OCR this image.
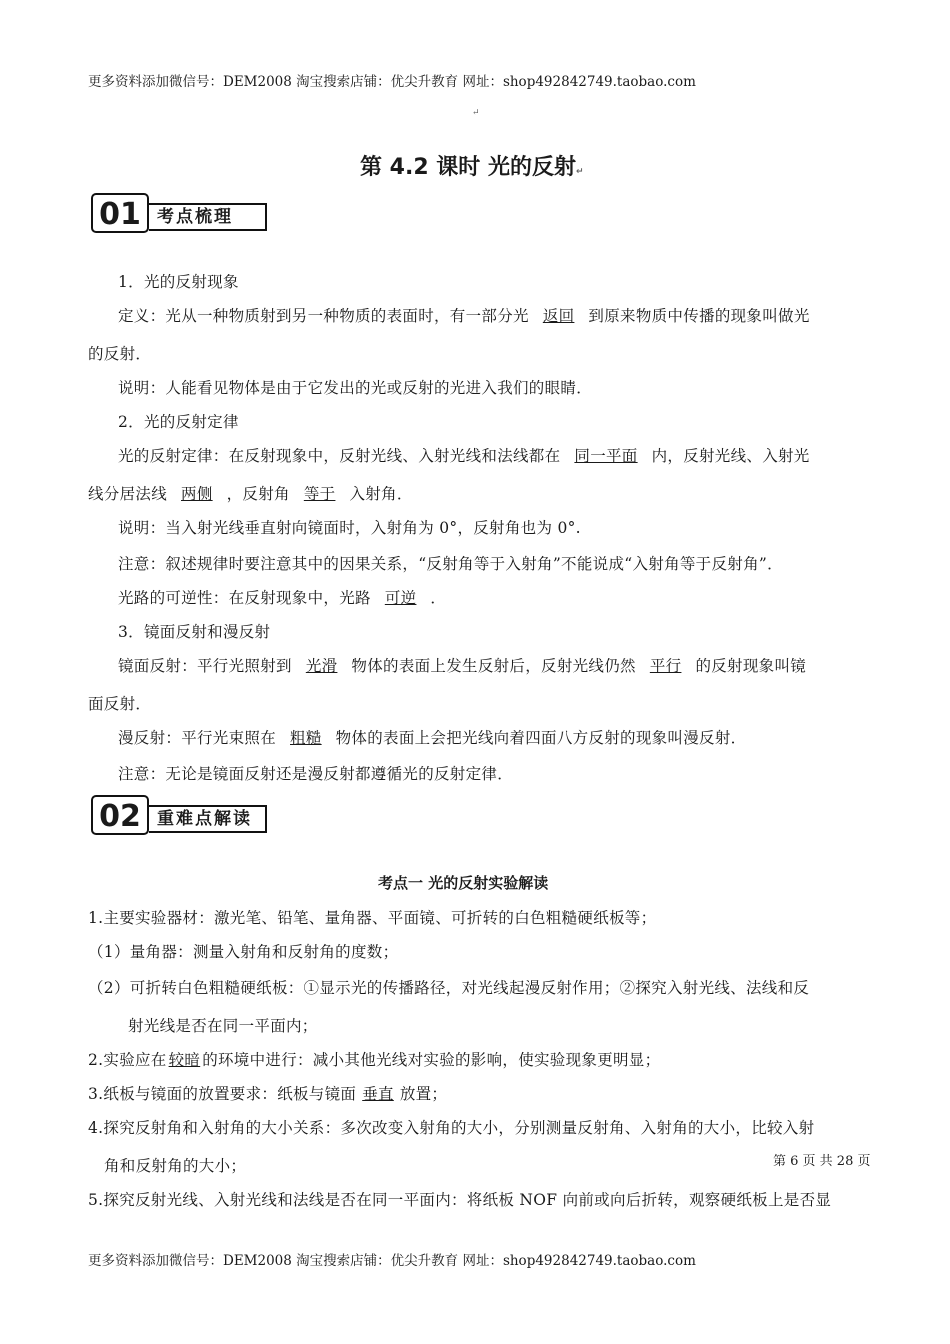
更多资料添加微信号：DEM2008 淘宝搜索店铺：优尖升教育 网址：shop492842749.taobao.com
↵
第 4.2 课时 光的反射↵
01 考点梳理
1．光的反射现象
定义：光从一种物质射到另一种物质的表面时，有一部分光 返回 到原来物质中传播的现象叫做光
的反射．
说明：人能看见物体是由于它发出的光或反射的光进入我们的眼睛．
2．光的反射定律
光的反射定律：在反射现象中，反射光线、入射光线和法线都在 同一平面 内，反射光线、入射光
线分居法线 两侧 ，反射角 等于 入射角．
说明：当入射光线垂直射向镜面时，入射角为 0°，反射角也为 0°.
注意：叙述规律时要注意其中的因果关系，“反射角等于入射角”不能说成“入射角等于反射角”．
光路的可逆性：在反射现象中，光路 可逆 ．
3．镜面反射和漫反射
镜面反射：平行光照射到 光滑 物体的表面上发生反射后，反射光线仍然 平行 的反射现象叫镜
面反射．
漫反射：平行光束照在 粗糙 物体的表面上会把光线向着四面八方反射的现象叫漫反射．
注意：无论是镜面反射还是漫反射都遵循光的反射定律．
02 重难点解读
考点一 光的反射实验解读
1.主要实验器材：激光笔、铅笔、量角器、平面镜、可折转的白色粗糙硬纸板等；
（1）量角器：测量入射角和反射角的度数；
（2）可折转白色粗糙硬纸板：①显示光的传播路径，对光线起漫反射作用；②探究入射光线、法线和反
射光线是否在同一平面内；
2.实验应在 较暗 的环境中进行：减小其他光线对实验的影响，使实验现象更明显；
3.纸板与镜面的放置要求：纸板与镜面 垂直 放置；
4.探究反射角和入射角的大小关系：多次改变入射角的大小，分别测量反射角、入射角的大小，比较入射
角和反射角的大小；	第 6 页 共 28 页
5.探究反射光线、入射光线和法线是否在同一平面内：将纸板 NOF 向前或向后折转，观察硬纸板上是否显
更多资料添加微信号：DEM2008 淘宝搜索店铺：优尖升教育 网址：shop492842749.taobao.com
